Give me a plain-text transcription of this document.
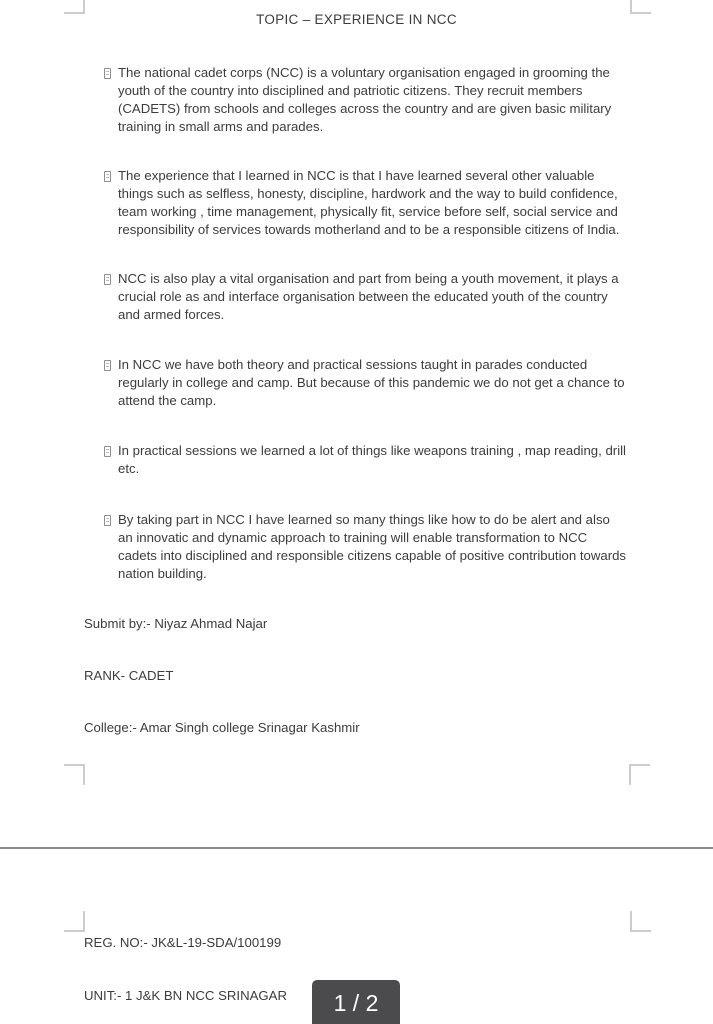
TOPIC – EXPERIENCE IN NCC
The national cadet corps (NCC) is a voluntary organisation engaged in grooming the youth of the country into disciplined and patriotic citizens. They recruit members (CADETS) from schools and colleges across the country and are given basic military training in small arms and parades.
The experience that I learned in NCC is that I have learned several other valuable things such as selfless, honesty, discipline, hardwork and the way to build confidence, team working , time management, physically fit, service before self, social service and responsibility of services towards motherland and to be a responsible citizens of India.
NCC is also play a vital organisation and part from being a youth movement, it plays a crucial role as and interface organisation between the educated youth of the country and armed forces.
In NCC we have both theory and practical sessions taught in parades conducted regularly in college and camp. But because of this pandemic we do not get a chance to attend the camp.
In practical sessions we learned a lot of things like weapons training , map reading, drill etc.
By taking part in NCC I have learned so many things like how to do be alert and also an innovatic and dynamic approach to training will enable transformation to NCC cadets into disciplined and responsible citizens capable of positive contribution towards nation building.
Submit by:- Niyaz Ahmad Najar
RANK- CADET
College:- Amar Singh college Srinagar Kashmir
REG. NO:- JK&L-19-SDA/100199
UNIT:- 1 J&K BN NCC SRINAGAR	1 / 2
